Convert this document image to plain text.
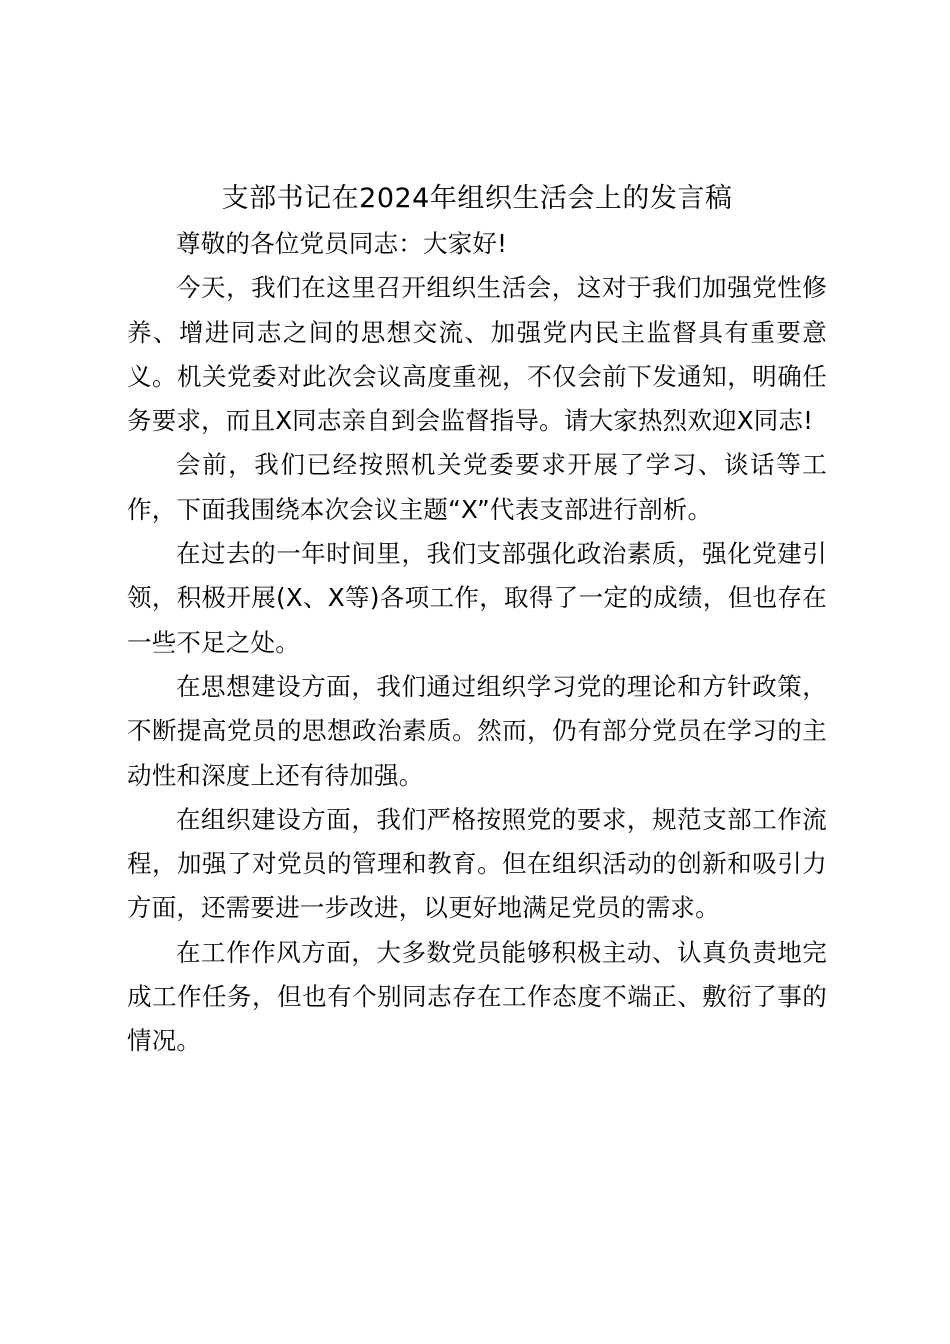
支部书记在2024年组织生活会上的发言稿

尊敬的各位党员同志：大家好!

今天，我们在这里召开组织生活会，这对于我们加强党性修养、增进同志之间的思想交流、加强党内民主监督具有重要意义。机关党委对此次会议高度重视，不仅会前下发通知，明确任务要求，而且X同志亲自到会监督指导。请大家热烈欢迎X同志!

会前，我们已经按照机关党委要求开展了学习、谈话等工作，下面我围绕本次会议主题“X”代表支部进行剖析。

在过去的一年时间里，我们支部强化政治素质，强化党建引领，积极开展(X、X等)各项工作，取得了一定的成绩，但也存在一些不足之处。

在思想建设方面，我们通过组织学习党的理论和方针政策，不断提高党员的思想政治素质。然而，仍有部分党员在学习的主动性和深度上还有待加强。

在组织建设方面，我们严格按照党的要求，规范支部工作流程，加强了对党员的管理和教育。但在组织活动的创新和吸引力方面，还需要进一步改进，以更好地满足党员的需求。

在工作作风方面，大多数党员能够积极主动、认真负责地完成工作任务，但也有个别同志存在工作态度不端正、敷衍了事的情况。
